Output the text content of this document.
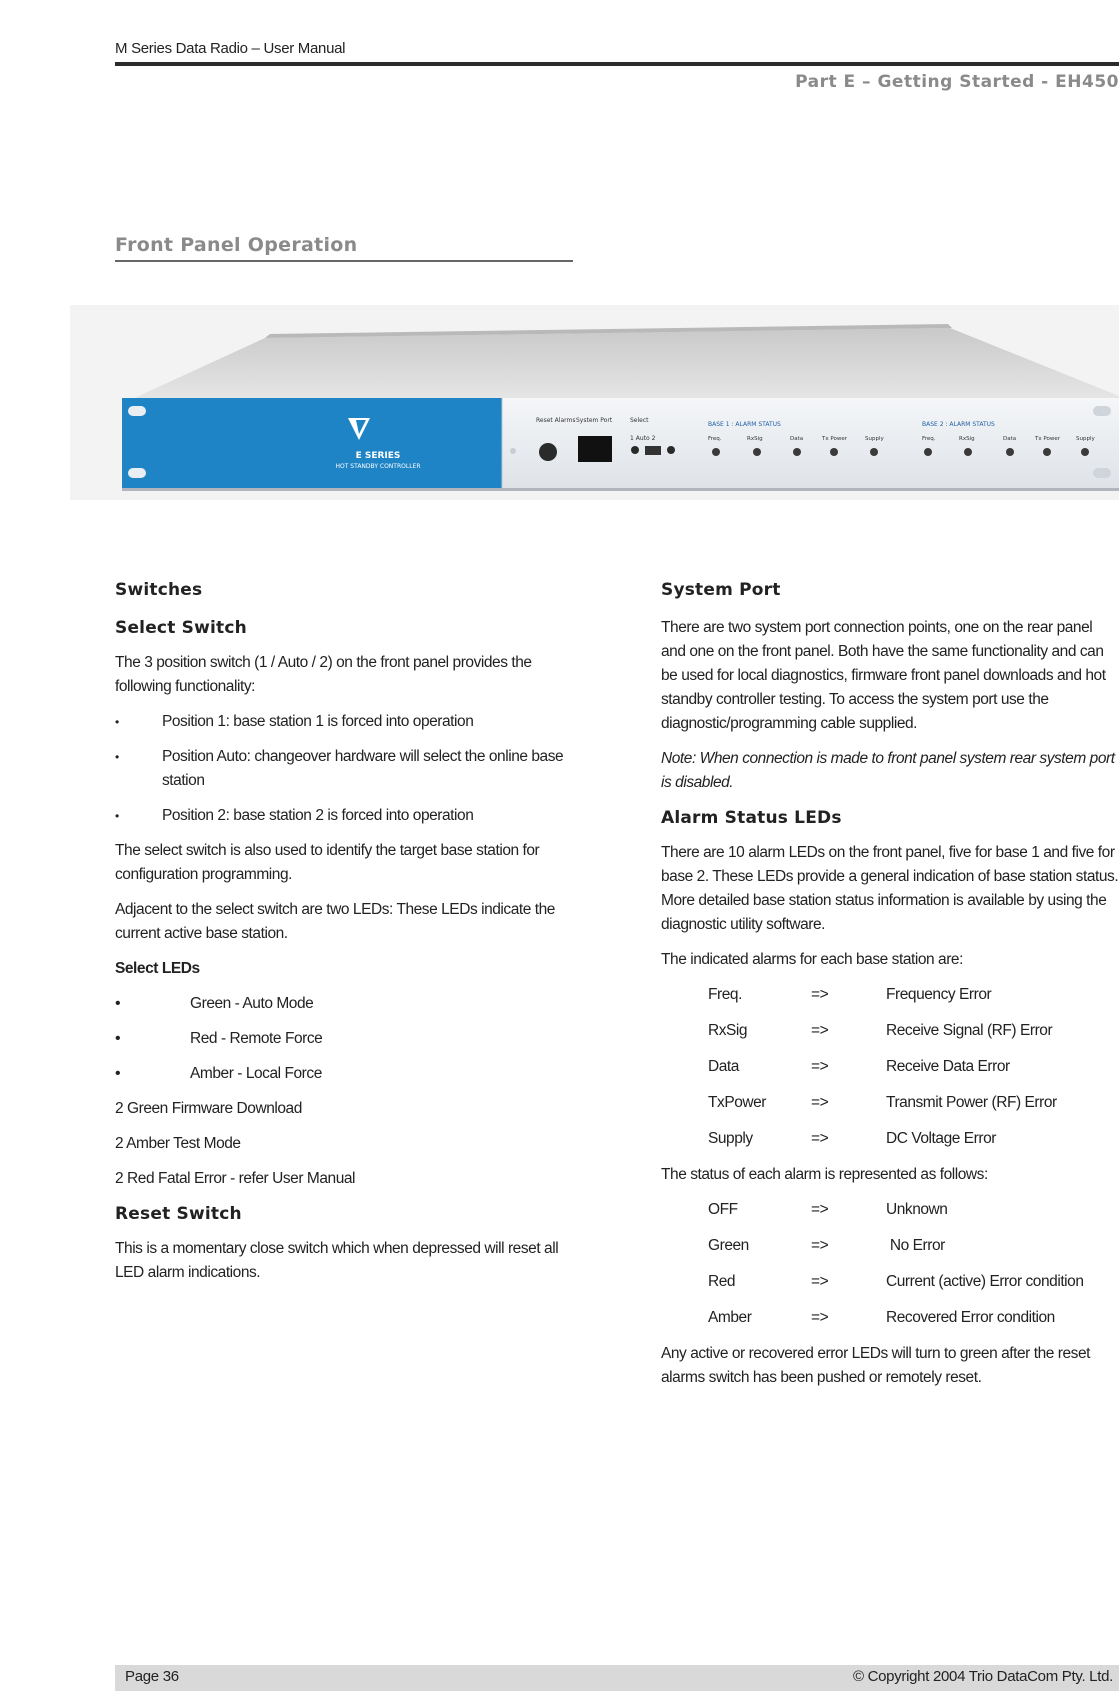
M Series Data Radio – User Manual
Part E – Getting Started - EH450
Front Panel Operation
E SERIES
HOT STANDBY CONTROLLER
Reset Alarms System Port	Select
1 Auto 2
BASE 1 : ALARM STATUS
Freq.	RxSig	Data	Tx Power	Supply
BASE 2 : ALARM STATUS
Freq.	RxSig	Data	Tx Power	Supply
Switches
Select Switch
The 3 position switch (1 / Auto / 2) on the front panel provides the following functionality:
•	Position 1: base station 1 is forced into operation
•	Position Auto: changeover hardware will select the online base station
•	Position 2: base station 2 is forced into operation
The select switch is also used to identify the target base station for configuration programming.
Adjacent to the select switch are two LEDs: These LEDs indicate the current active base station.
Select LEDs
•	Green - Auto Mode
•	Red - Remote Force
•	Amber - Local Force
2 Green Firmware Download
2 Amber Test Mode
2 Red Fatal Error - refer User Manual
Reset Switch
This is a momentary close switch which when depressed will reset all LED alarm indications.
System Port
There are two system port connection points, one on the rear panel and one on the front panel. Both have the same functionality and can be used for local diagnostics, firmware front panel downloads and hot standby controller testing. To access the system port use the diagnostic/programming cable supplied.
Note: When connection is made to front panel system rear system port is disabled.
Alarm Status LEDs
There are 10 alarm LEDs on the front panel, five for base 1 and five for base 2. These LEDs provide a general indication of base station status. More detailed base station status information is available by using the diagnostic utility software.
The indicated alarms for each base station are:
Freq.	=>	Frequency Error
RxSig	=>	Receive Signal (RF) Error
Data	=>	Receive Data Error
TxPower	=>	Transmit Power (RF) Error
Supply	=>	DC Voltage Error
The status of each alarm is represented as follows:
OFF	=>	Unknown
Green	=>	No Error
Red	=>	Current (active) Error condition
Amber	=>	Recovered Error condition
Any active or recovered error LEDs will turn to green after the reset alarms switch has been pushed or remotely reset.
Page 36	© Copyright 2004 Trio DataCom Pty. Ltd.
